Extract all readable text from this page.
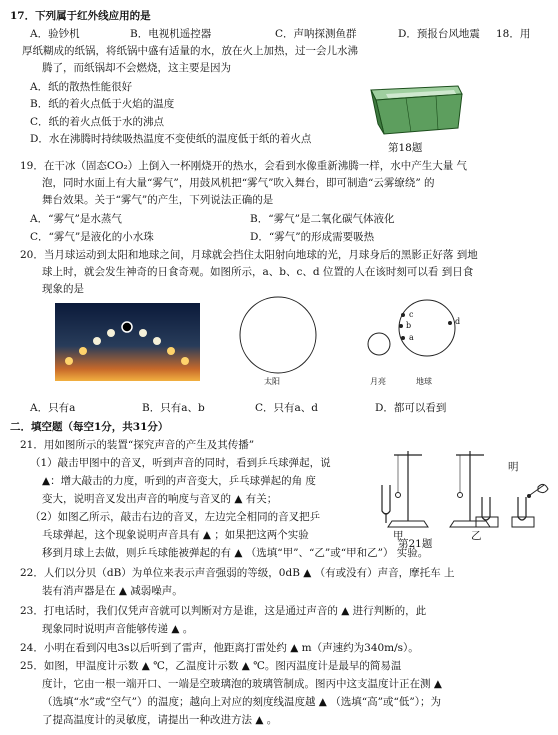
17．下列属于红外线应用的是
A．验钞机	B．电视机遥控器	C．声呐探测鱼群	D．预报台风地震 18．用
厚纸糊成的纸锅，将纸锅中盛有适量的水，放在火上加热，过一会儿水沸
腾了，而纸锅却不会燃烧，这主要是因为
A．纸的散热性能很好
B．纸的着火点低于火焰的温度
C．纸的着火点低于水的沸点
D．水在沸腾时持续吸热温度不变使纸的温度低于纸的着火点
第18题
19．在干冰（固态CO₂）上倒入一杯刚烧开的热水，会看到水像重新沸腾一样，水中产生大量 气
泡，同时水面上有大量“雾气”，用鼓风机把“雾气”吹入舞台，即可制造“云雾缭绕” 的
舞台效果。关于“雾气”的产生，下列说法正确的是
A．“雾气”是水蒸气	B．“雾气”是二氧化碳气体液化
C．“雾气”是液化的小水珠	D．“雾气”的形成需要吸热
20．当月球运动到太阳和地球之间，月球就会挡住太阳射向地球的光，月球身后的黑影正好落 到地
球上时，就会发生神奇的日食奇观。如图所示，a、b、c、d 位置的人在该时刻可以看 到日食
现象的是
c
b
a
d
太阳	月亮	地球
A．只有a	B．只有a、b	C．只有a、d	D．都可以看到
二．填空题（每空1分，共31分）
21．用如图所示的装置“探究声音的产生及其传播”
（1）敲击甲图中的音叉，听到声音的同时，看到乒乓球弹起，说
▲：增大敲击的力度，听到的声音变大，乒乓球弹起的角 度
变大，说明音叉发出声音的响度与音叉的 ▲ 有关；
（2）如图乙所示，敲击右边的音叉，左边完全相同的音叉把乒
乓球弹起，这个现象说明声音具有 ▲ ；如果把这两个实验
移到月球上去做，则乒乓球能被弹起的有 ▲ （选填“甲”、“乙”或“甲和乙”） 实验。
明
甲	乙
第21题
22．人们以分贝（dB）为单位来表示声音强弱的等级，0dB ▲ （有或没有）声音，摩托车 上
装有消声器是在 ▲ 减弱噪声。
23．打电话时，我们仅凭声音就可以判断对方是谁，这是通过声音的 ▲ 进行判断的，此
现象同时说明声音能够传递 ▲ 。
24．小明在看到闪电3s以后听到了雷声，他距离打雷处约 ▲ m（声速约为340m/s）。
25．如图，甲温度计示数 ▲ ℃，乙温度计示数 ▲ ℃。图丙温度计是最早的简易温
度计，它由一根一端开口、一端是空玻璃泡的玻璃管制成。图丙中这支温度计正在测 ▲
（选填“水”或“空气”）的温度；越向上对应的刻度线温度越 ▲ （选填“高”或“低”）；为
了提高温度计的灵敏度，请提出一种改进方法 ▲ 。
